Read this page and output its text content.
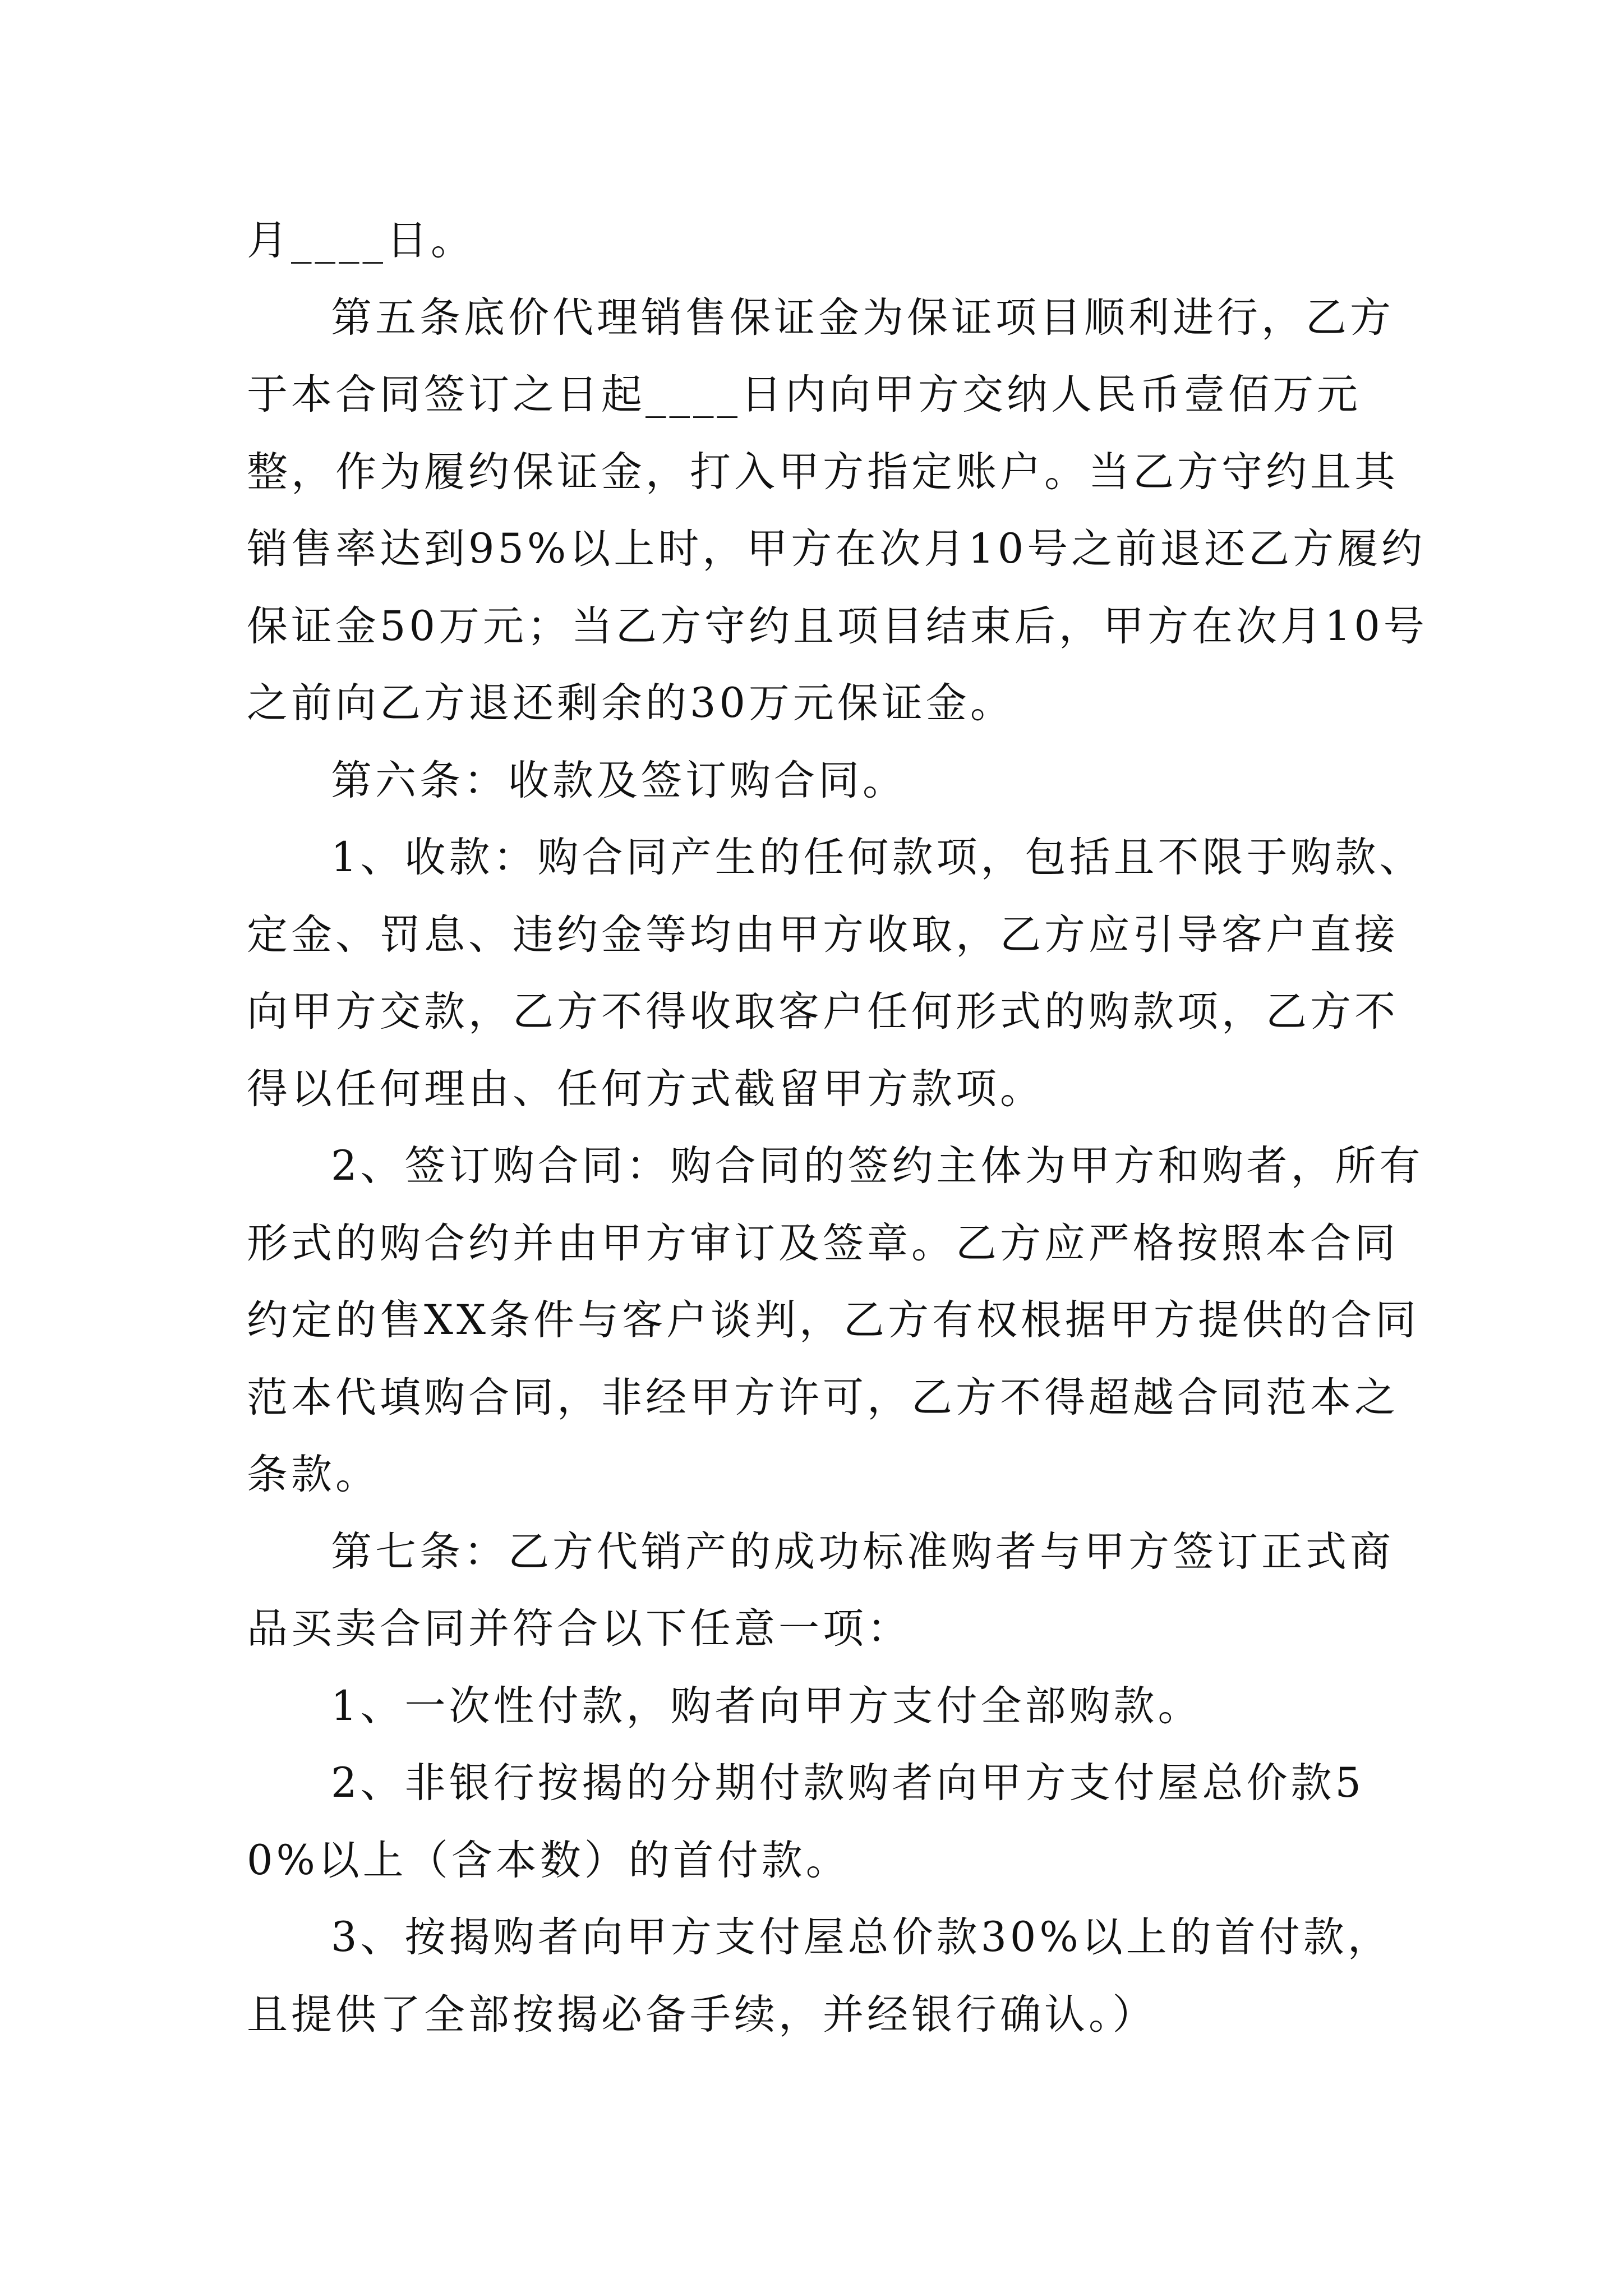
月____日。

第五条底价代理销售保证金为保证项目顺利进行，乙方于本合同签订之日起____日内向甲方交纳人民币壹佰万元整，作为履约保证金，打入甲方指定账户。当乙方守约且其销售率达到95%以上时，甲方在次月10号之前退还乙方履约保证金50万元；当乙方守约且项目结束后，甲方在次月10号之前向乙方退还剩余的30万元保证金。

第六条：收款及签订购合同。

1、收款：购合同产生的任何款项，包括且不限于购款、定金、罚息、违约金等均由甲方收取，乙方应引导客户直接向甲方交款，乙方不得收取客户任何形式的购款项，乙方不得以任何理由、任何方式截留甲方款项。

2、签订购合同：购合同的签约主体为甲方和购者，所有形式的购合约并由甲方审订及签章。乙方应严格按照本合同约定的售XX条件与客户谈判，乙方有权根据甲方提供的合同范本代填购合同，非经甲方许可，乙方不得超越合同范本之条款。

第七条：乙方代销产的成功标准购者与甲方签订正式商品买卖合同并符合以下任意一项：

1、一次性付款，购者向甲方支付全部购款。

2、非银行按揭的分期付款购者向甲方支付屋总价款50%以上（含本数）的首付款。

3、按揭购者向甲方支付屋总价款30%以上的首付款，且提供了全部按揭必备手续，并经银行确认。）
